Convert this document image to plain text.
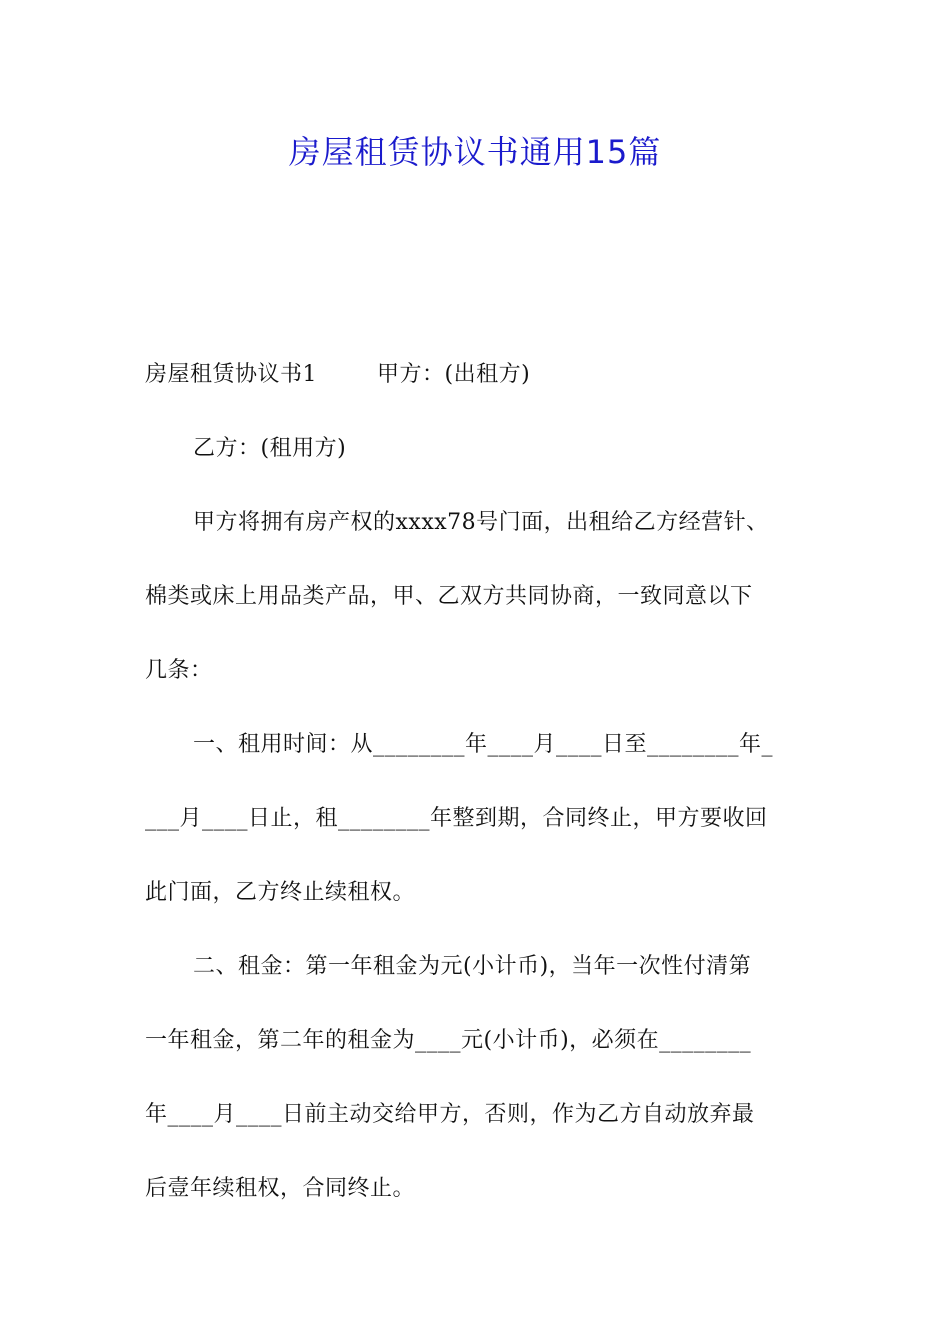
房屋租赁协议书通用15篇
房屋租赁协议书1	甲方：(出租方)
乙方：(租用方)
甲方将拥有房产权的xxxx78号门面，出租给乙方经营针、
棉类或床上用品类产品，甲、乙双方共同协商，一致同意以下
几条：
一、租用时间：从________年____月____日至________年_
___月____日止，租________年整到期，合同终止，甲方要收回
此门面，乙方终止续租权。
二、租金：第一年租金为元(小计币)，当年一次性付清第
一年租金，第二年的租金为____元(小计币)，必须在________
年____月____日前主动交给甲方，否则，作为乙方自动放弃最
后壹年续租权，合同终止。
